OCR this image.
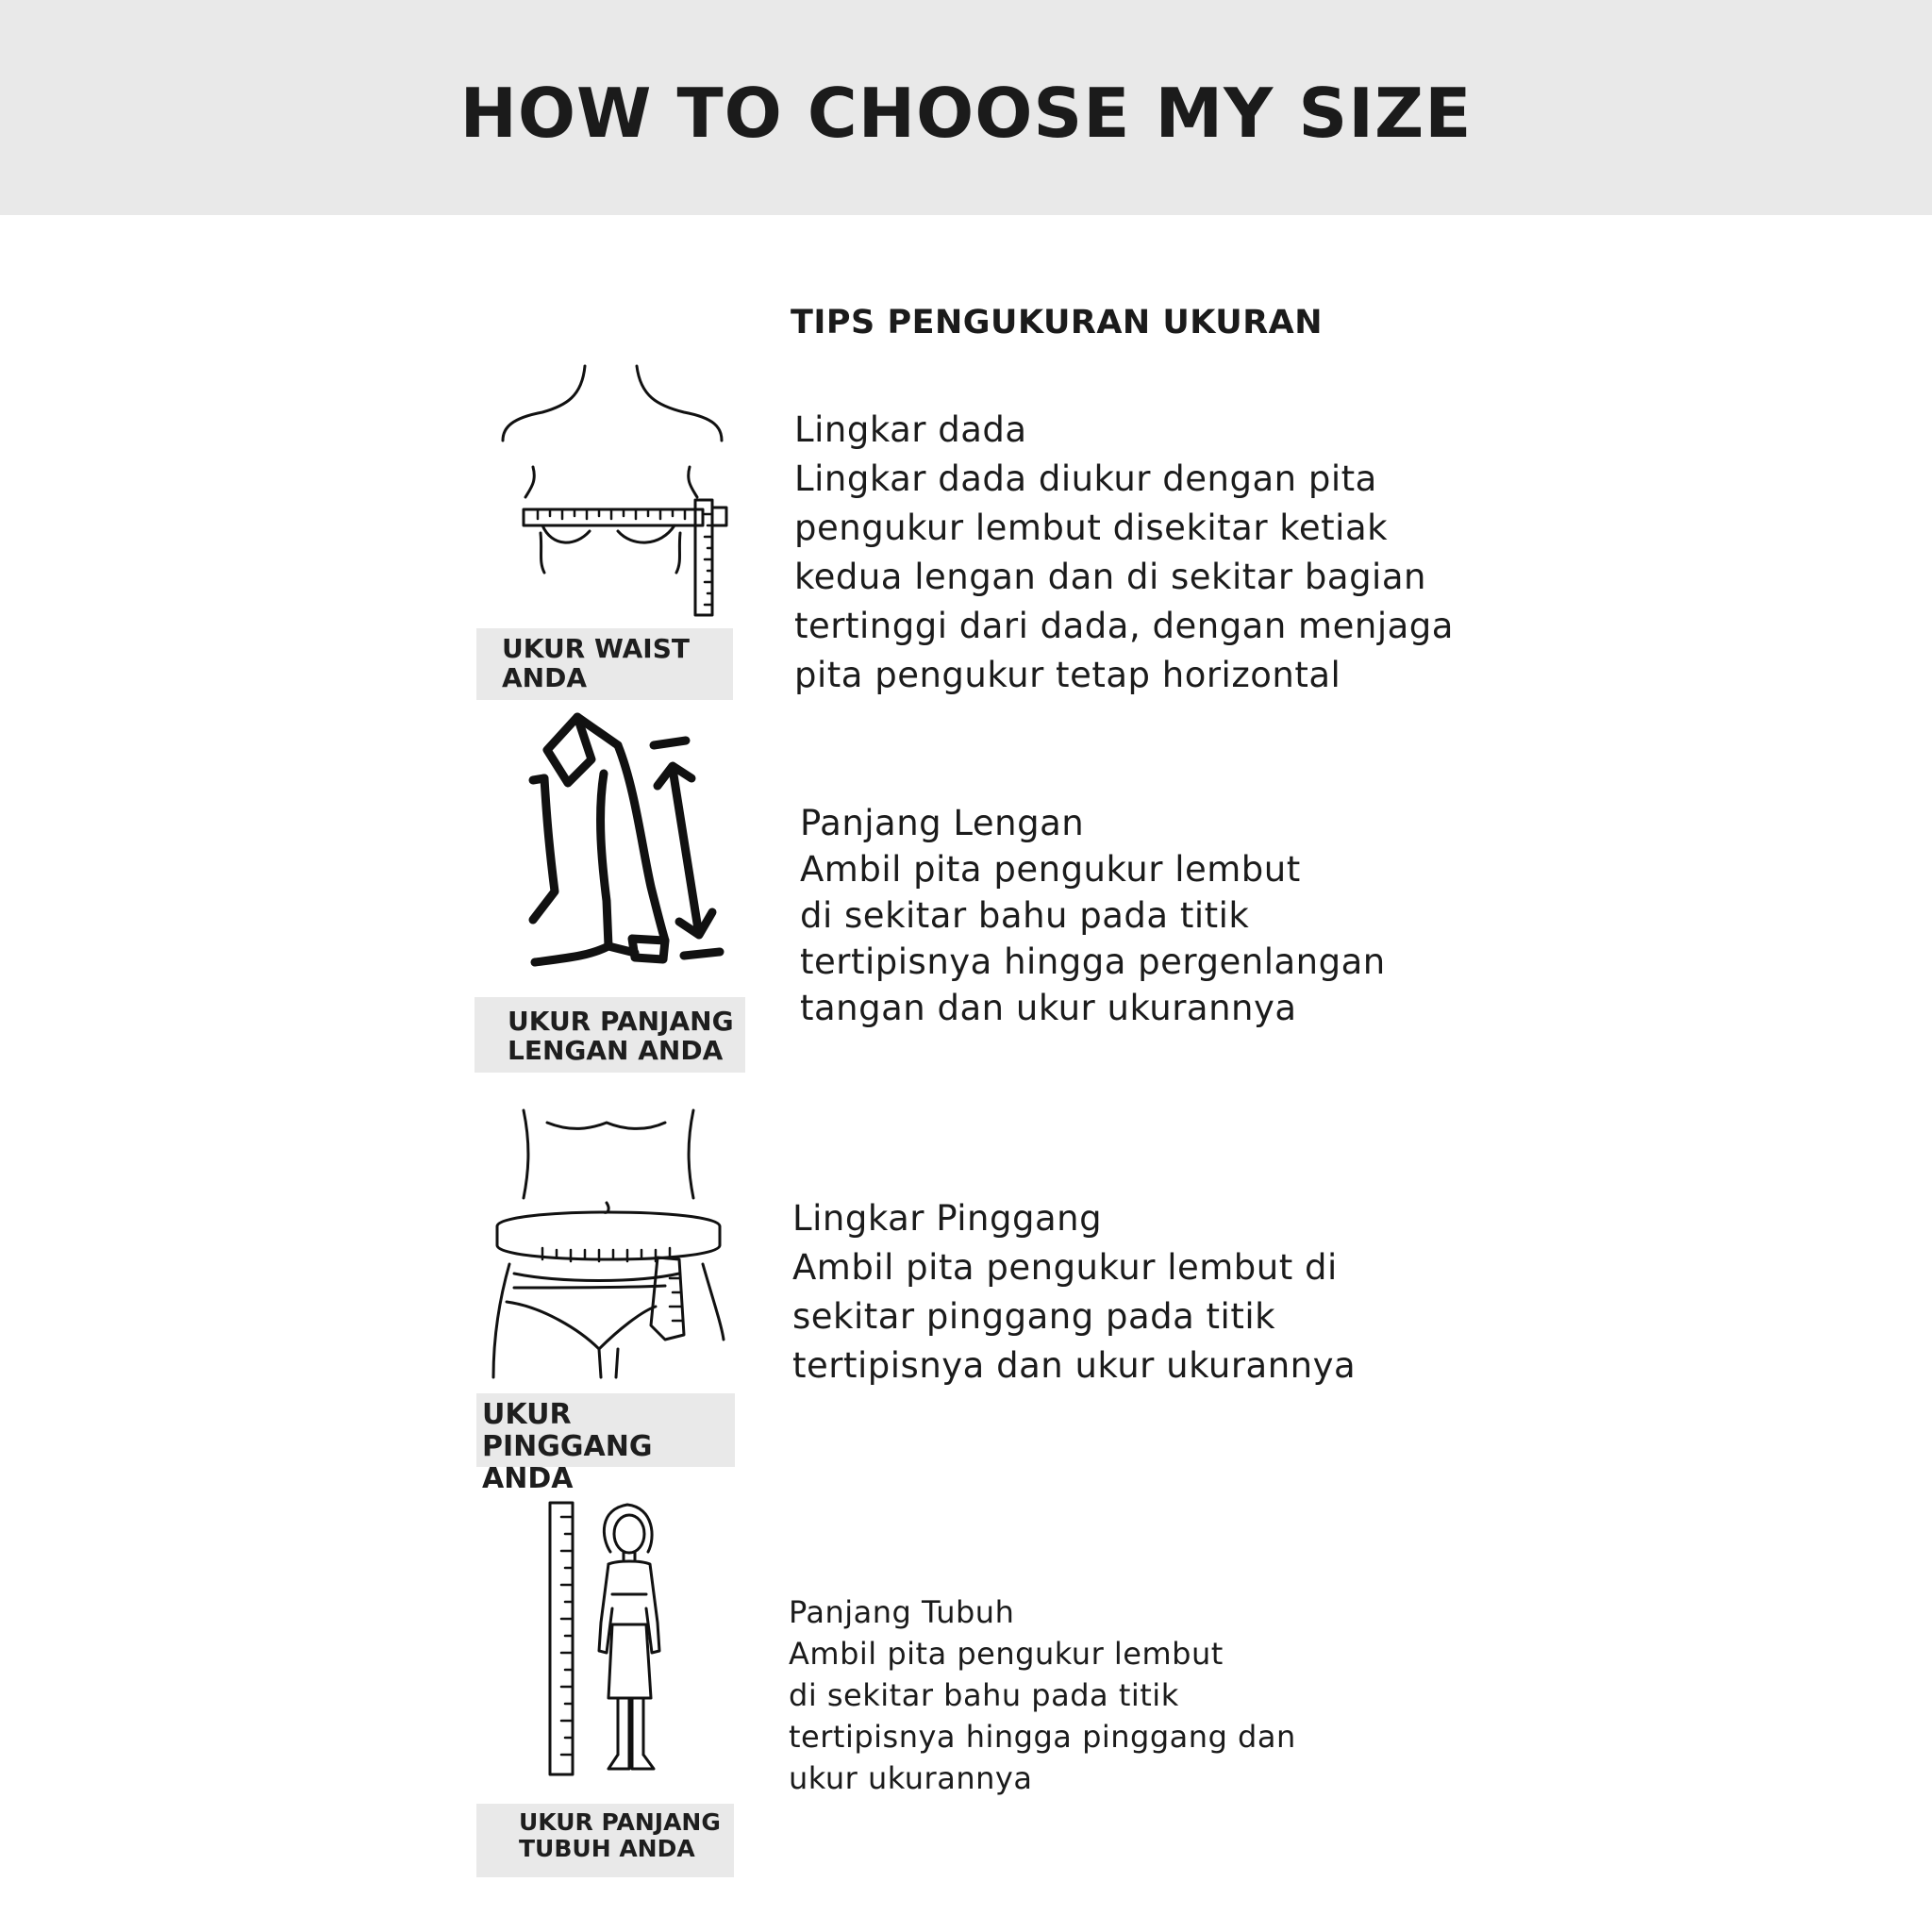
HOW TO CHOOSE MY SIZE
TIPS PENGUKURAN UKURAN
UKUR WAIST
ANDA
Lingkar dada
Lingkar dada diukur dengan pita
pengukur lembut disekitar ketiak
kedua lengan dan di sekitar bagian
tertinggi dari dada, dengan menjaga
pita pengukur tetap horizontal
UKUR PANJANG
LENGAN ANDA
Panjang Lengan
Ambil pita pengukur lembut
di sekitar bahu pada titik
tertipisnya hingga pergenlangan
tangan dan ukur ukurannya
UKUR PINGGANG
ANDA
Lingkar Pinggang
Ambil pita pengukur lembut di
sekitar pinggang pada titik
tertipisnya dan ukur ukurannya
UKUR PANJANG
TUBUH ANDA
Panjang Tubuh
Ambil pita pengukur lembut
di sekitar bahu pada titik
tertipisnya hingga pinggang dan
ukur ukurannya
